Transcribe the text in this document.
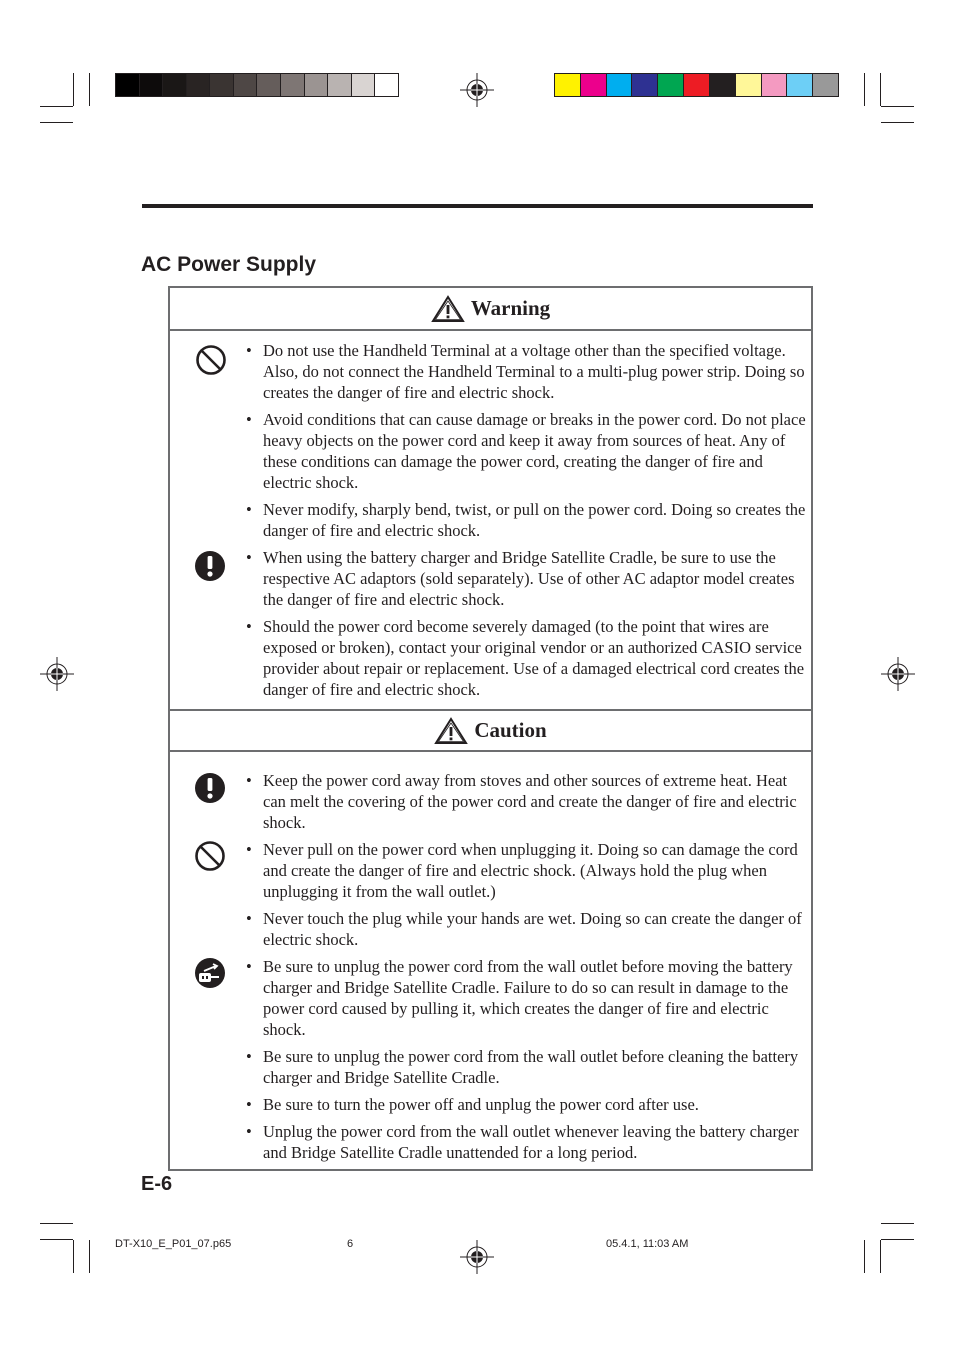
AC Power Supply
Warning
• Do not use the Handheld Terminal at a voltage other than the specified voltage. Also, do not connect the Handheld Terminal to a multi-plug power strip. Doing so creates the danger of fire and electric shock.
• Avoid conditions that can cause damage or breaks in the power cord. Do not place heavy objects on the power cord and keep it away from sources of heat. Any of these conditions can damage the power cord, creating the danger of fire and electric shock.
• Never modify, sharply bend, twist, or pull on the power cord. Doing so creates the danger of fire and electric shock.
• When using the battery charger and Bridge Satellite Cradle, be sure to use the respective AC adaptors (sold separately). Use of other AC adaptor model creates the danger of fire and electric shock.
• Should the power cord become severely damaged (to the point that wires are exposed or broken), contact your original vendor or an authorized CASIO service provider about repair or replacement. Use of a damaged electrical cord creates the danger of fire and electric shock.
Caution
• Keep the power cord away from stoves and other sources of extreme heat. Heat can melt the covering of the power cord and create the danger of fire and electric shock.
• Never pull on the power cord when unplugging it. Doing so can damage the cord and create the danger of fire and electric shock. (Always hold the plug when unplugging it from the wall outlet.)
• Never touch the plug while your hands are wet. Doing so can create the danger of electric shock.
• Be sure to unplug the power cord from the wall outlet before moving the battery charger and Bridge Satellite Cradle. Failure to do so can result in damage to the power cord caused by pulling it, which creates the danger of fire and electric shock.
• Be sure to unplug the power cord from the wall outlet before cleaning the battery charger and Bridge Satellite Cradle.
• Be sure to turn the power off and unplug the power cord after use.
• Unplug the power cord from the wall outlet whenever leaving the battery charger and Bridge Satellite Cradle unattended for a long period.
E-6
DT-X10_E_P01_07.p65	6	05.4.1, 11:03 AM
